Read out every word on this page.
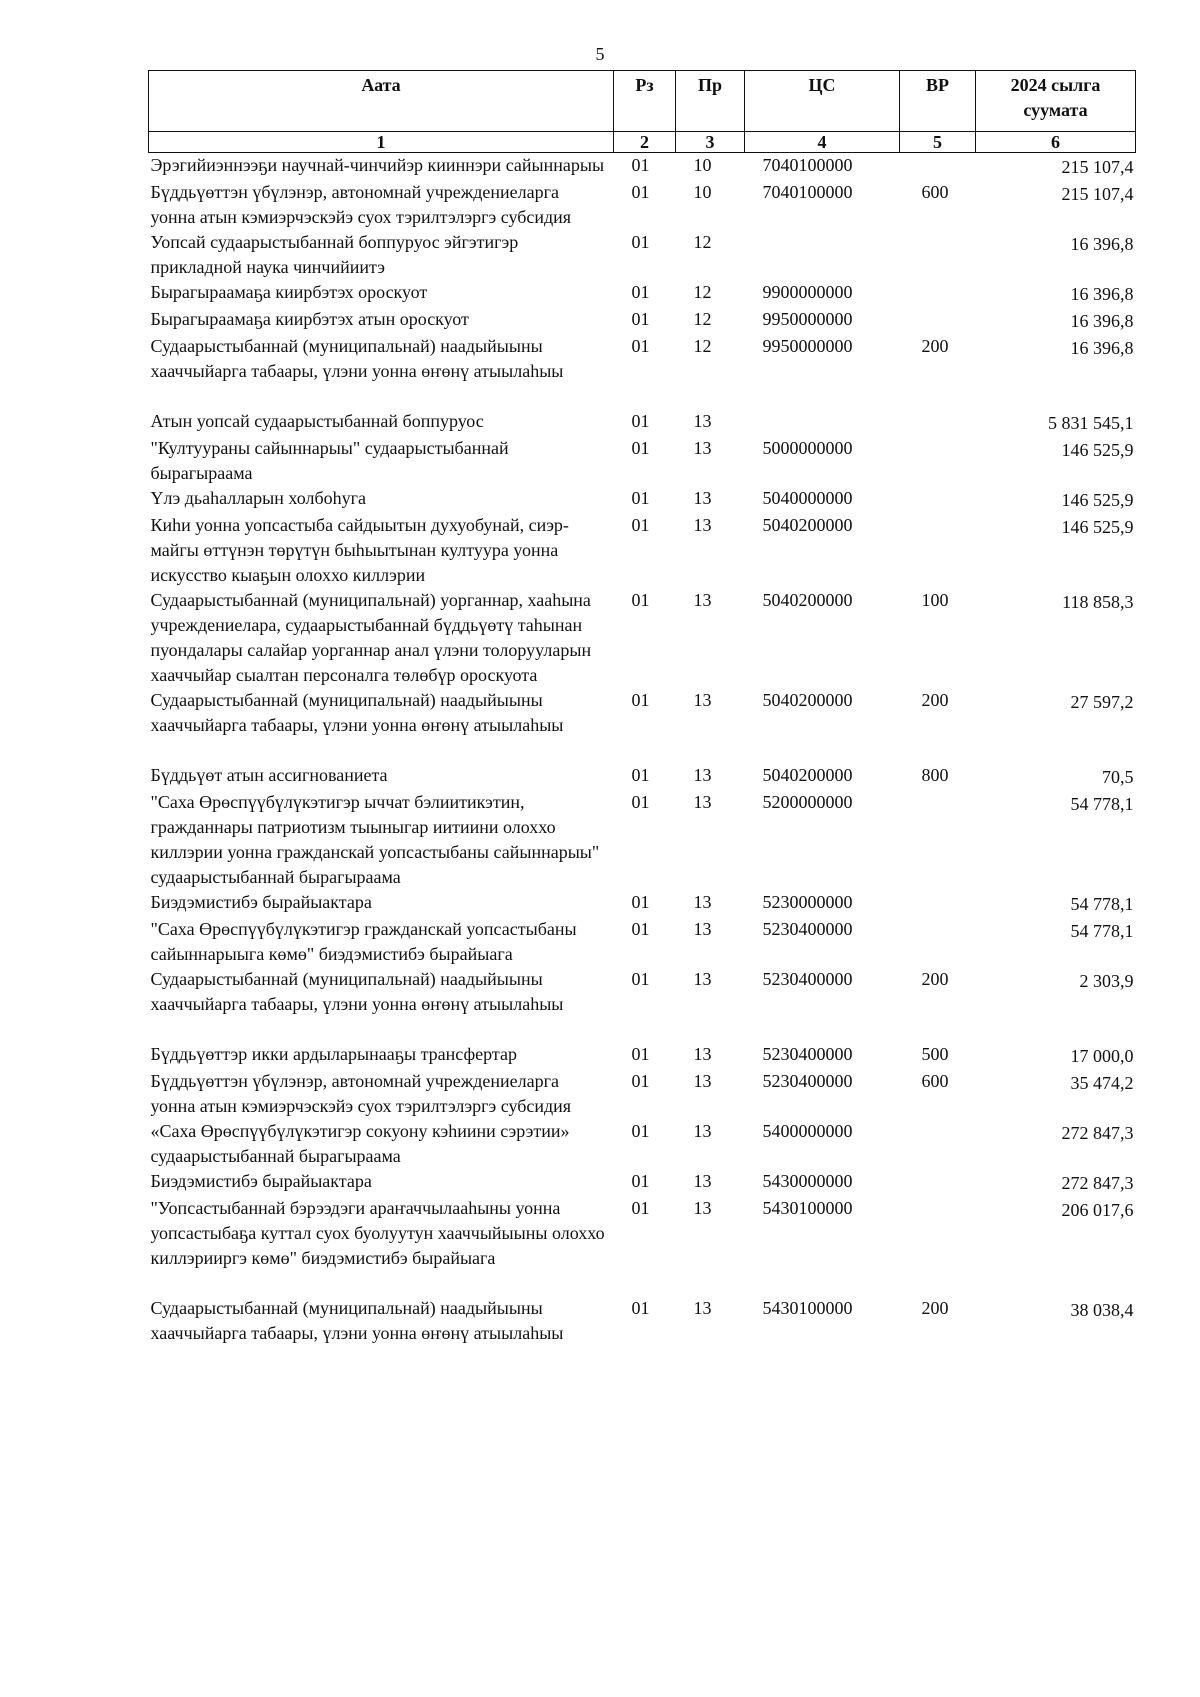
5
Аата	Рз	Пр	ЦС	ВР	2024 сылга суумата
1	2	3	4	5	6
Эрэгийиэннээҕи научнай-чинчийэр кииннэри сайыннарыы	01	10	7040100000		215 107,4
Бүддьүөттэн үбүлэнэр, автономнай учреждениеларга уонна атын кэмиэрчэскэйэ суох тэрилтэлэргэ субсидия	01	10	7040100000	600	215 107,4
Уопсай судаарыстыбаннай боппуруос эйгэтигэр прикладной наука чинчийиитэ	01	12			16 396,8
Бырагыраамаҕа киирбэтэх ороскуот	01	12	9900000000		16 396,8
Бырагыраамаҕа киирбэтэх атын ороскуот	01	12	9950000000		16 396,8
Судаарыстыбаннай (муниципальнай) наадыйыыны хааччыйарга табаары, үлэни уонна өҥөнү атыылаһыы	01	12	9950000000	200	16 396,8
Атын уопсай судаарыстыбаннай боппуруос	01	13			5 831 545,1
"Култуураны сайыннарыы" судаарыстыбаннай бырагыраама	01	13	5000000000		146 525,9
Үлэ дьаһалларын холбоһуга	01	13	5040000000		146 525,9
Киһи уонна уопсастыба сайдыытын духуобунай, сиэр-майгы өттүнэн төрүтүн быһыытынан култуура уонна искусство кыаҕын олоххо киллэрии	01	13	5040200000		146 525,9
Судаарыстыбаннай (муниципальнай) уорганнар, хааһына учреждениелара, судаарыстыбаннай бүддьүөтү таһынан пуондалары салайар уорганнар анал үлэни толорууларын хааччыйар сыалтан персоналга төлөбүр ороскуота	01	13	5040200000	100	118 858,3
Судаарыстыбаннай (муниципальнай) наадыйыыны хааччыйарга табаары, үлэни уонна өҥөнү атыылаһыы	01	13	5040200000	200	27 597,2
Бүддьүөт атын ассигнованиета	01	13	5040200000	800	70,5
"Саха Өрөспүүбүлүкэтигэр ыччат бэлиитикэтин, гражданнары патриотизм тыыныгар иитиини олоххо киллэрии уонна гражданскай уопсастыбаны сайыннарыы" судаарыстыбаннай бырагыраама	01	13	5200000000		54 778,1
Биэдэмистибэ бырайыактара	01	13	5230000000		54 778,1
"Саха Өрөспүүбүлүкэтигэр гражданскай уопсастыбаны сайыннарыыга көмө" биэдэмистибэ бырайыага	01	13	5230400000		54 778,1
Судаарыстыбаннай (муниципальнай) наадыйыыны хааччыйарга табаары, үлэни уонна өҥөнү атыылаһыы	01	13	5230400000	200	2 303,9
Бүддьүөттэр икки ардыларынааҕы трансфертар	01	13	5230400000	500	17 000,0
Бүддьүөттэн үбүлэнэр, автономнай учреждениеларга уонна атын кэмиэрчэскэйэ суох тэрилтэлэргэ субсидия	01	13	5230400000	600	35 474,2
«Саха Өрөспүүбүлүкэтигэр сокуону кэһиини сэрэтии» судаарыстыбаннай бырагыраама	01	13	5400000000		272 847,3
Биэдэмистибэ бырайыактара	01	13	5430000000		272 847,3
"Уопсастыбаннай бэрээдэги араҥаччылааһыны уонна уопсастыбаҕа куттал суох буолуутун хааччыйыыны олоххо киллэрииргэ көмө" биэдэмистибэ бырайыага	01	13	5430100000		206 017,6
Судаарыстыбаннай (муниципальнай) наадыйыыны хааччыйарга табаары, үлэни уонна өҥөнү атыылаһыы	01	13	5430100000	200	38 038,4
